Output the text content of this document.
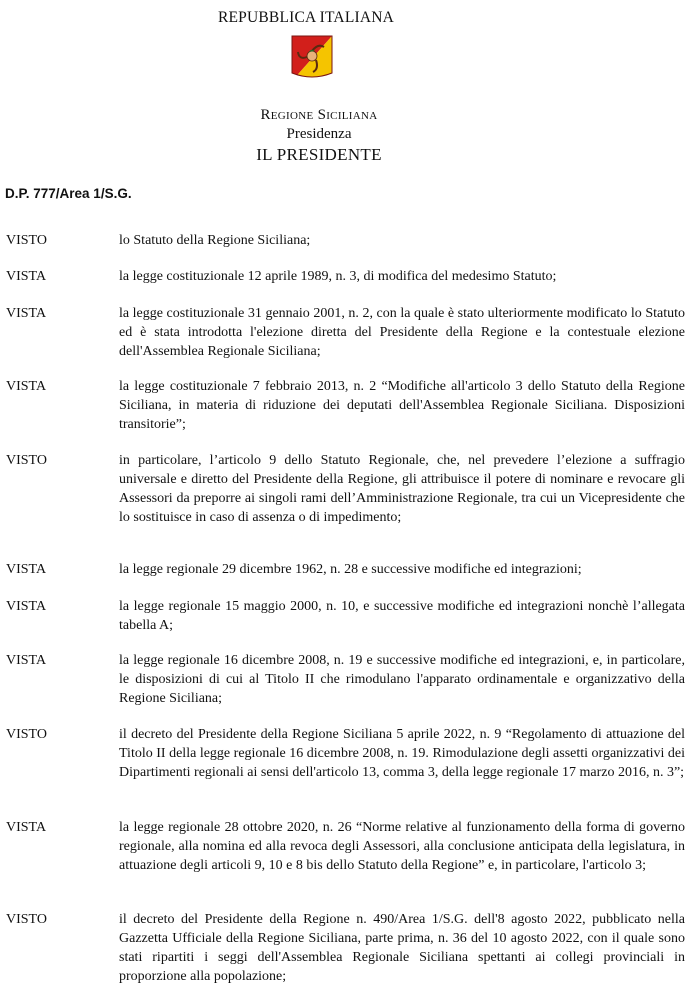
REPUBBLICA ITALIANA
Regione Siciliana
Presidenza
IL PRESIDENTE
D.P. 777/Area 1/S.G.
VISTO	lo Statuto della Regione Siciliana;
VISTA	la legge costituzionale 12 aprile 1989, n. 3, di modifica del medesimo Statuto;
VISTA	la legge costituzionale 31 gennaio 2001, n. 2, con la quale è stato ulteriormente modificato lo Statuto ed è stata introdotta l'elezione diretta del Presidente della Regione e la contestuale elezione dell'Assemblea Regionale Siciliana;
VISTA	la legge costituzionale 7 febbraio 2013, n. 2 “Modifiche all'articolo 3 dello Statuto della Regione Siciliana, in materia di riduzione dei deputati dell'Assemblea Regionale Siciliana. Disposizioni transitorie”;
VISTO	in particolare, l’articolo 9 dello Statuto Regionale, che, nel prevedere l’elezione a suffragio universale e diretto del Presidente della Regione, gli attribuisce il potere di nominare e revocare gli Assessori da preporre ai singoli rami dell’Amministrazione Regionale, tra cui un Vicepresidente che lo sostituisce in caso di assenza o di impedimento;
VISTA	la legge regionale 29 dicembre 1962, n. 28 e successive modifiche ed integrazioni;
VISTA	la legge regionale 15 maggio 2000, n. 10, e successive modifiche ed integrazioni nonchè l’allegata tabella A;
VISTA	la legge regionale 16 dicembre 2008, n. 19 e successive modifiche ed integrazioni, e, in particolare, le disposizioni di cui al Titolo II che rimodulano l'apparato ordinamentale e organizzativo della Regione Siciliana;
VISTO	il decreto del Presidente della Regione Siciliana 5 aprile 2022, n. 9 “Regolamento di attuazione del Titolo II della legge regionale 16 dicembre 2008, n. 19. Rimodulazione degli assetti organizzativi dei Dipartimenti regionali ai sensi dell'articolo 13, comma 3, della legge regionale 17 marzo 2016, n. 3”;
VISTA	la legge regionale 28 ottobre 2020, n. 26 “Norme relative al funzionamento della forma di governo regionale, alla nomina ed alla revoca degli Assessori, alla conclusione anticipata della legislatura, in attuazione degli articoli 9, 10 e 8 bis dello Statuto della Regione” e, in particolare, l'articolo 3;
VISTO	il decreto del Presidente della Regione n. 490/Area 1/S.G. dell'8 agosto 2022, pubblicato nella Gazzetta Ufficiale della Regione Siciliana, parte prima, n. 36 del 10 agosto 2022, con il quale sono stati ripartiti i seggi dell'Assemblea Regionale Siciliana spettanti ai collegi provinciali in proporzione alla popolazione;
